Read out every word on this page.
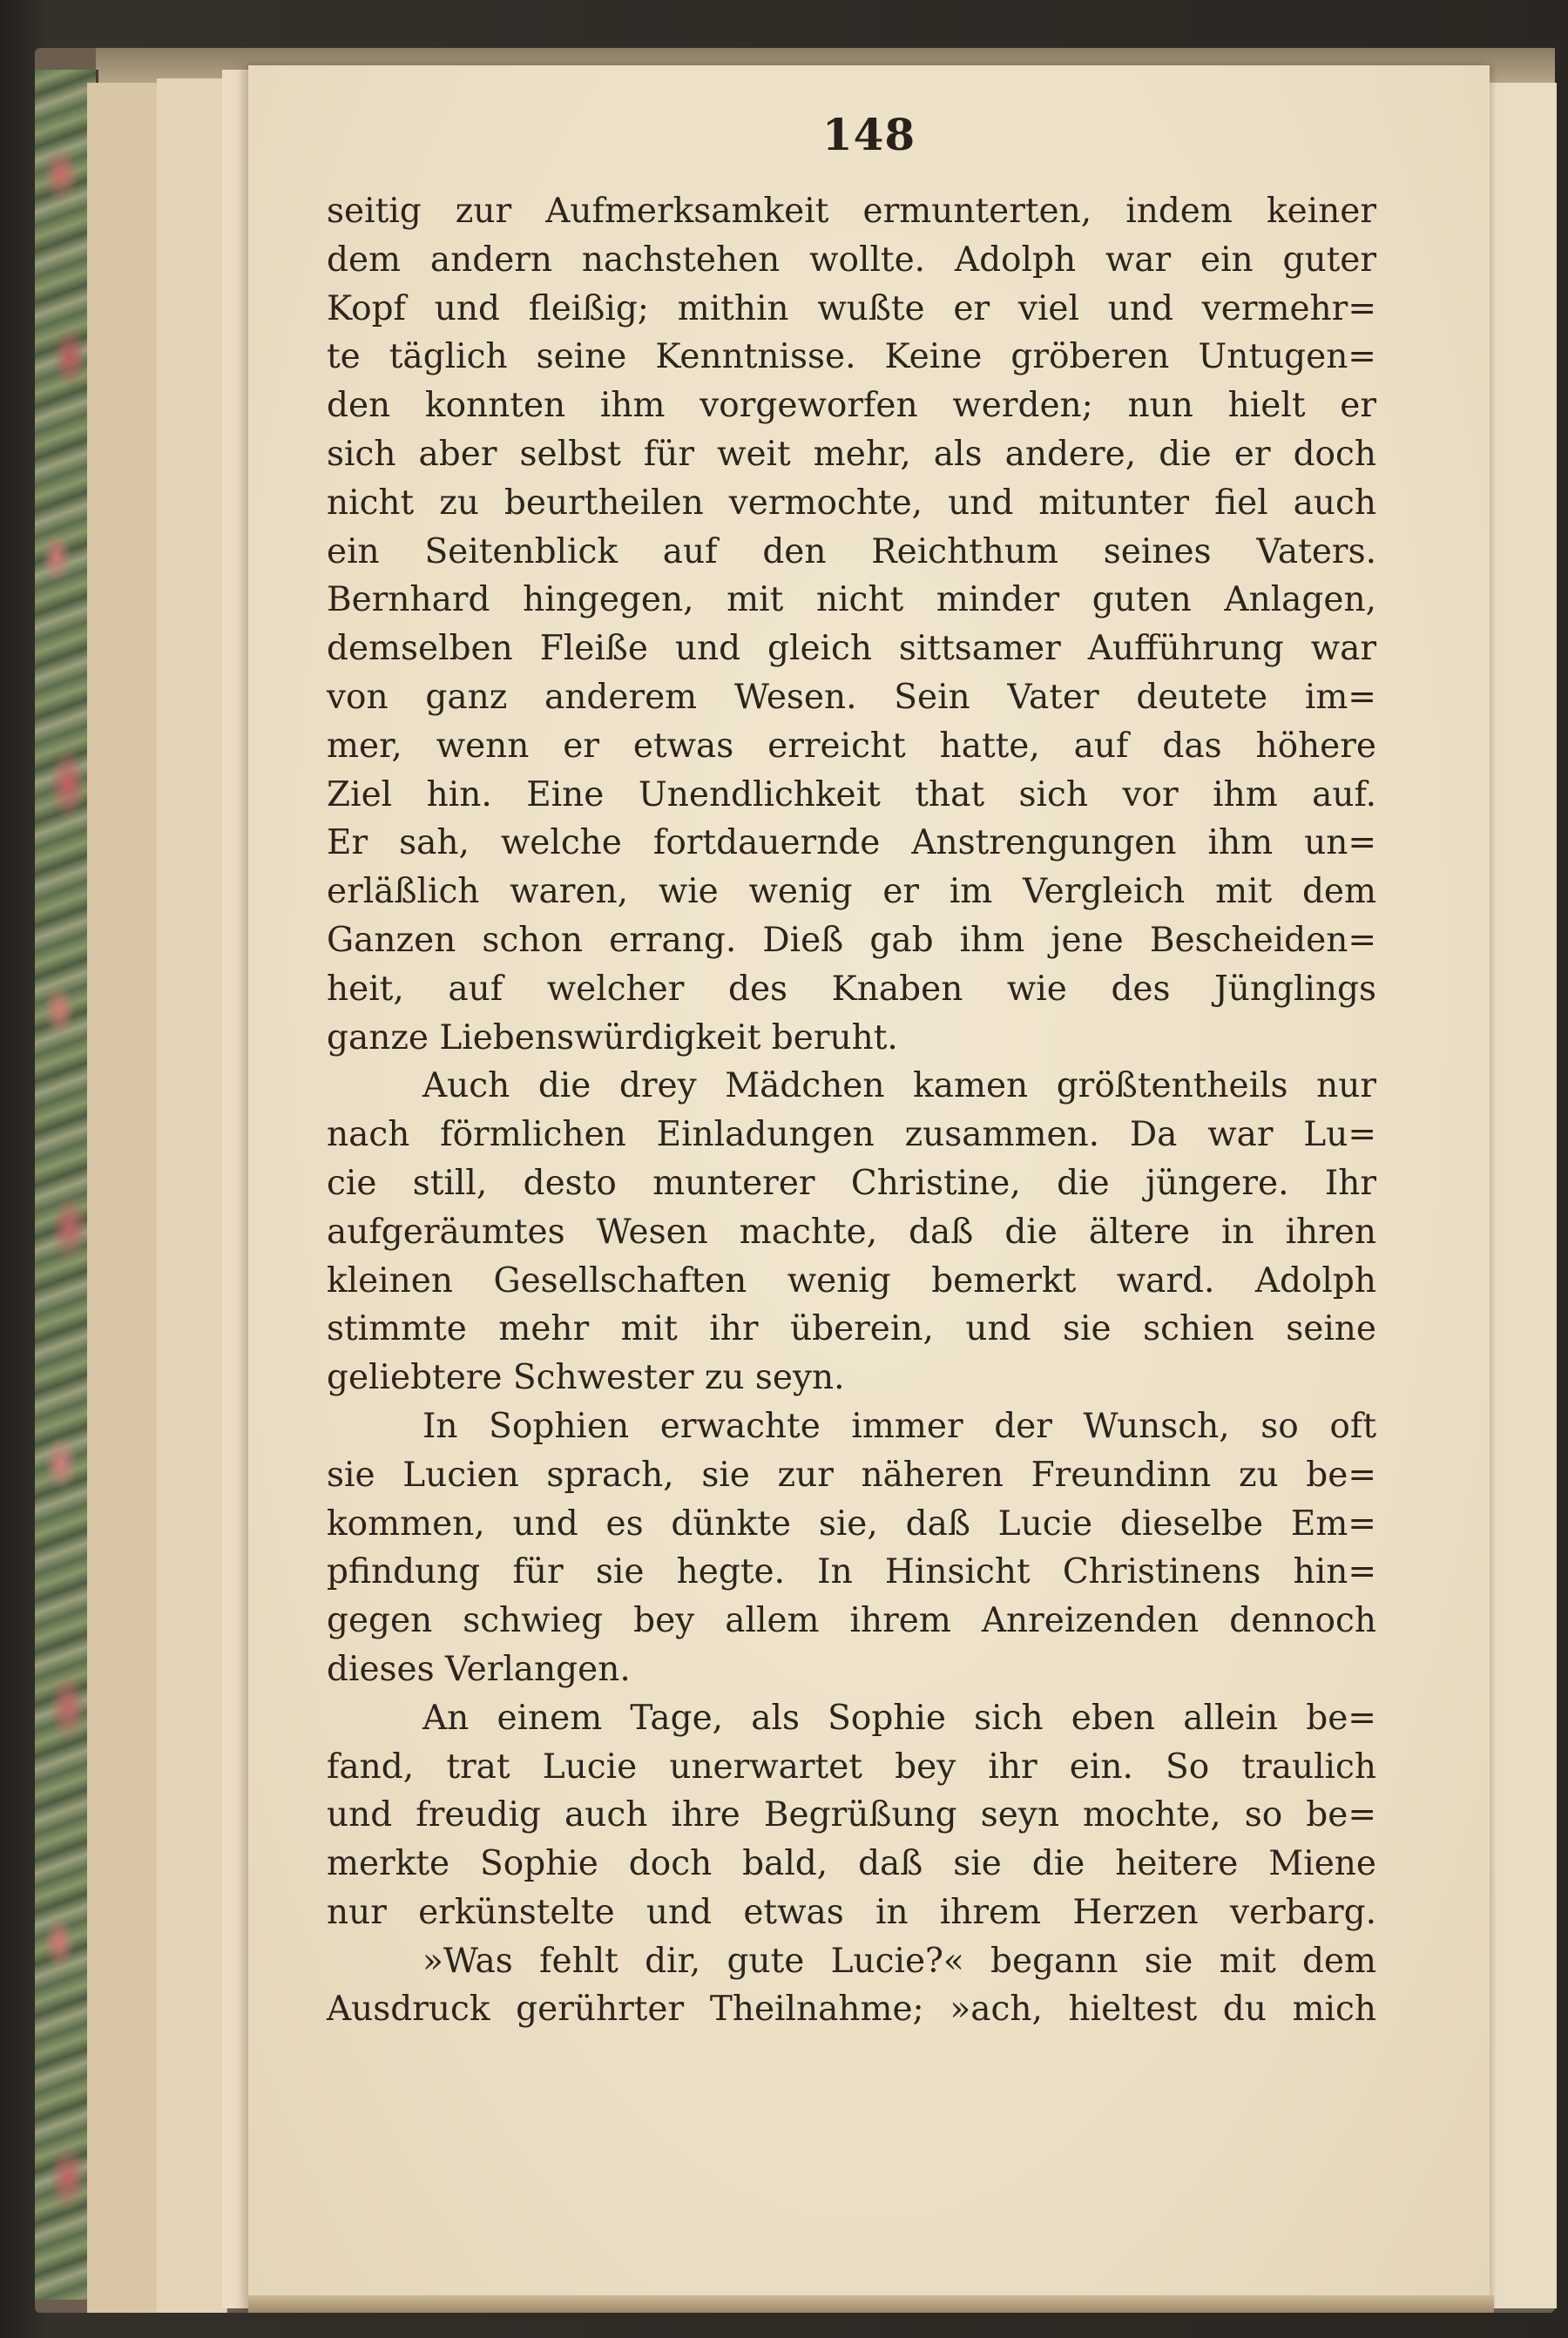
148
seitig zur Aufmerksamkeit ermunterten, indem keiner
dem andern nachstehen wollte. Adolph war ein guter
Kopf und fleißig; mithin wußte er viel und vermehr=
te täglich seine Kenntnisse. Keine gröberen Untugen=
den konnten ihm vorgeworfen werden; nun hielt er
sich aber selbst für weit mehr, als andere, die er doch
nicht zu beurtheilen vermochte, und mitunter fiel auch
ein Seitenblick auf den Reichthum seines Vaters.
Bernhard hingegen, mit nicht minder guten Anlagen,
demselben Fleiße und gleich sittsamer Aufführung war
von ganz anderem Wesen. Sein Vater deutete im=
mer, wenn er etwas erreicht hatte, auf das höhere
Ziel hin. Eine Unendlichkeit that sich vor ihm auf.
Er sah, welche fortdauernde Anstrengungen ihm un=
erläßlich waren, wie wenig er im Vergleich mit dem
Ganzen schon errang. Dieß gab ihm jene Bescheiden=
heit, auf welcher des Knaben wie des Jünglings
ganze Liebenswürdigkeit beruht.
Auch die drey Mädchen kamen größtentheils nur
nach förmlichen Einladungen zusammen. Da war Lu=
cie still, desto munterer Christine, die jüngere. Ihr
aufgeräumtes Wesen machte, daß die ältere in ihren
kleinen Gesellschaften wenig bemerkt ward. Adolph
stimmte mehr mit ihr überein, und sie schien seine
geliebtere Schwester zu seyn.
In Sophien erwachte immer der Wunsch, so oft
sie Lucien sprach, sie zur näheren Freundinn zu be=
kommen, und es dünkte sie, daß Lucie dieselbe Em=
pfindung für sie hegte. In Hinsicht Christinens hin=
gegen schwieg bey allem ihrem Anreizenden dennoch
dieses Verlangen.
An einem Tage, als Sophie sich eben allein be=
fand, trat Lucie unerwartet bey ihr ein. So traulich
und freudig auch ihre Begrüßung seyn mochte, so be=
merkte Sophie doch bald, daß sie die heitere Miene
nur erkünstelte und etwas in ihrem Herzen verbarg.
»Was fehlt dir, gute Lucie?« begann sie mit dem
Ausdruck gerührter Theilnahme; »ach, hieltest du mich
